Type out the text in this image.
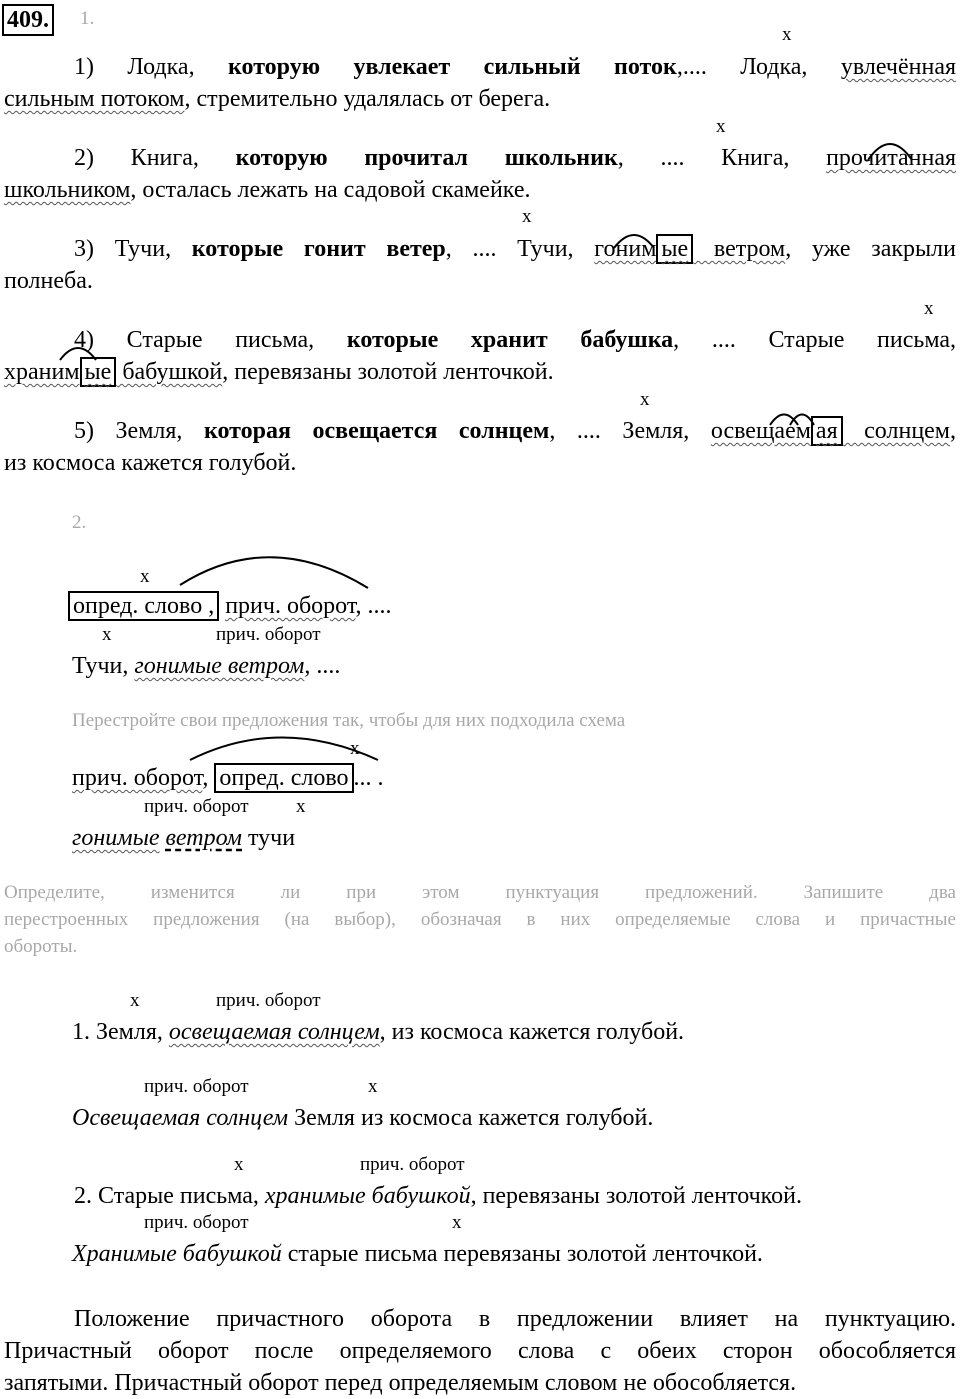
409. 1.
x
1) Лодка, которую увлекает сильный поток,.... Лодка, увлечённая
сильным потоком, стремительно удалялась от берега.
x
2) Книга, которую прочитал школьник, .... Книга, прочитанная
школьником, осталась лежать на садовой скамейке.
x
3) Тучи, которые гонит ветер, .... Тучи, гоним ые ветром, уже закрыли
полнеба.
x
4) Старые письма, которые хранит бабушка, .... Старые письма,
храним ые бабушкой, перевязаны золотой ленточкой.
x
5) Земля, которая освещается солнцем, .... Земля, освещаем ая солнцем,
из космоса кажется голубой.
2.
x
опред. слово , прич. оборот, ....
x	прич. оборот
Тучи, гонимые ветром, ....
Перестройте свои предложения так, чтобы для них подходила схема
x
прич. оборот, опред. слово ... .
прич. оборот x
гонимые ветром тучи
Определите, изменится ли при этом пунктуация предложений. Запишите два
перестроенных предложения (на выбор), обозначая в них определяемые слова и причастные
обороты.
x	прич. оборот
1. Земля, освещаемая солнцем, из космоса кажется голубой.
прич. оборот	x
Освещаемая солнцем Земля из космоса кажется голубой.
x	прич. оборот
2. Старые письма, хранимые бабушкой, перевязаны золотой ленточкой.
прич. оборот	x
Хранимые бабушкой старые письма перевязаны золотой ленточкой.
Положение причастного оборота в предложении влияет на пунктуацию.
Причастный оборот после определяемого слова с обеих сторон обособляется
запятыми. Причастный оборот перед определяемым словом не обособляется.
